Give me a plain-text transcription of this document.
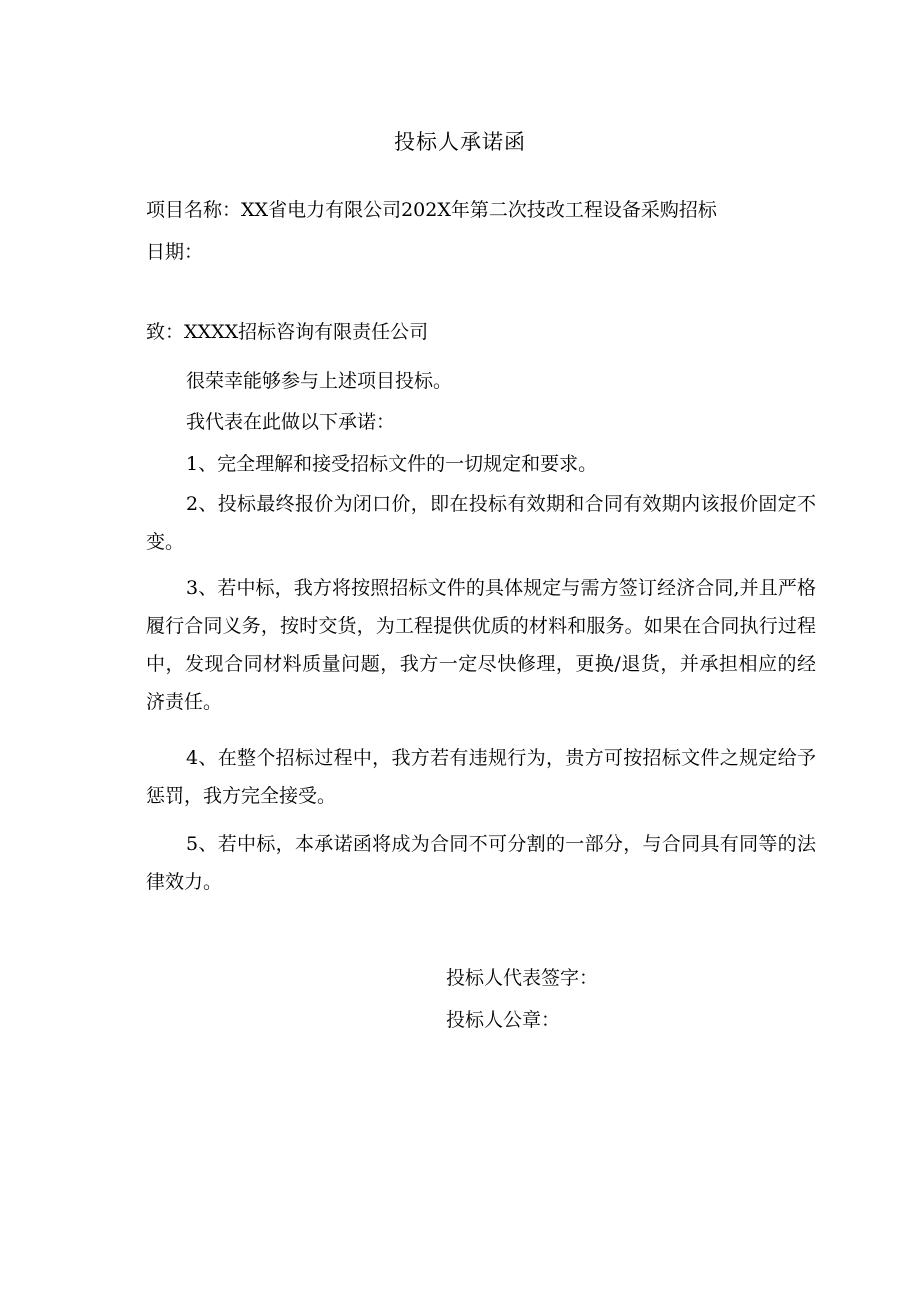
投标人承诺函
项目名称：XX省电力有限公司202X年第二次技改工程设备采购招标
日期：
致：XXXX招标咨询有限责任公司
很荣幸能够参与上述项目投标。
我代表在此做以下承诺：
1、完全理解和接受招标文件的一切规定和要求。
2、投标最终报价为闭口价，即在投标有效期和合同有效期内该报价固定不变。
3、若中标，我方将按照招标文件的具体规定与需方签订经济合同,并且严格履行合同义务，按时交货，为工程提供优质的材料和服务。如果在合同执行过程中，发现合同材料质量问题，我方一定尽快修理，更换/退货，并承担相应的经济责任。
4、在整个招标过程中，我方若有违规行为，贵方可按招标文件之规定给予惩罚，我方完全接受。
5、若中标，本承诺函将成为合同不可分割的一部分，与合同具有同等的法律效力。
投标人代表签字：
投标人公章：
